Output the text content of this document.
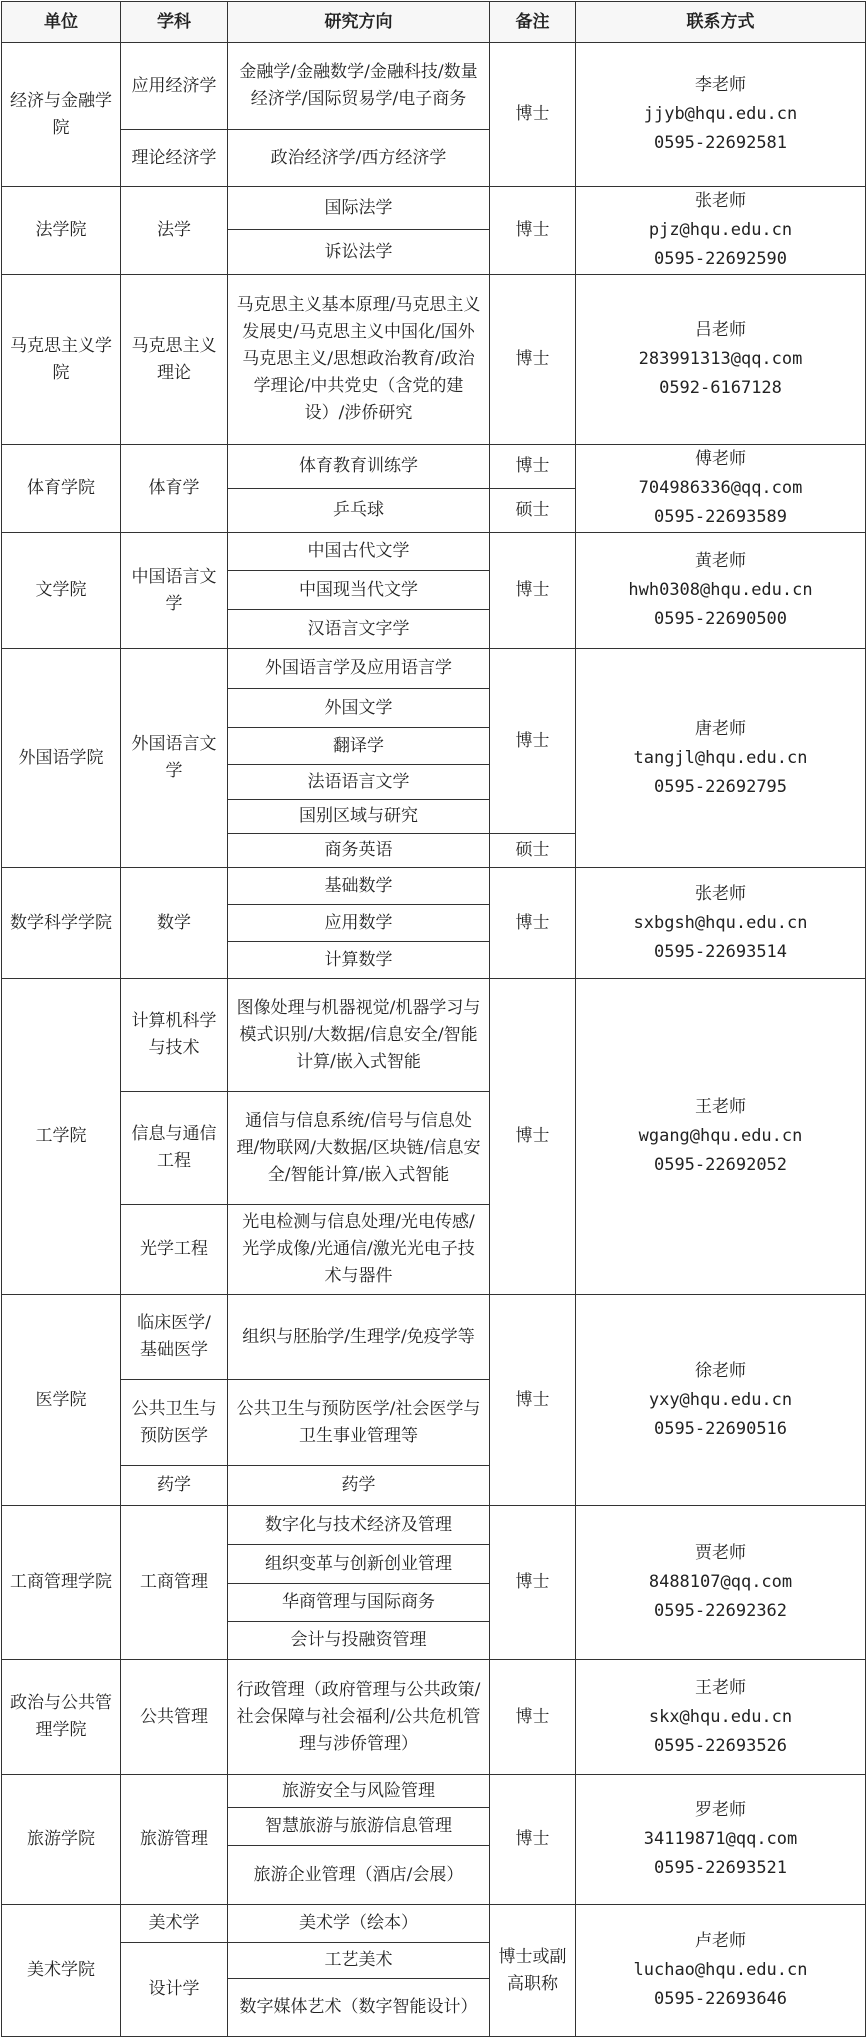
单位	学科	研究方向	备注	联系方式
经济与金融学院	应用经济学	金融学/金融数学/金融科技/数量经济学/国际贸易学/电子商务	博士	李老师
jjyb@hqu.edu.cn
0595-22692581

	理论经济学	政治经济学/西方经济学		
法学院	法学	国际法学	博士	张老师
pjz@hqu.edu.cn
0595-22692590

		诉讼法学		
马克思主义学院	马克思主义理论	马克思主义基本原理/马克思主义发展史/马克思主义中国化/国外马克思主义/思想政治教育/政治学理论/中共党史（含党的建设）/涉侨研究	博士	吕老师
283991313@qq.com
0592-6167128

体育学院	体育学	体育教育训练学	博士	傅老师
704986336@qq.com
0595-22693589

		乒乓球	硕士	
文学院	中国语言文学	中国古代文学	博士	黄老师
hwh0308@hqu.edu.cn
0595-22690500

		中国现当代文学		
		汉语言文字学		
外国语学院	外国语言文学	外国语言学及应用语言学	博士	唐老师
tangjl@hqu.edu.cn
0595-22692795

		外国文学		
		翻译学		
		法语语言文学		
		国别区域与研究		
		商务英语	硕士	
数学科学学院	数学	基础数学	博士	张老师
sxbgsh@hqu.edu.cn
0595-22693514

		应用数学		
		计算数学		
工学院	计算机科学与技术	图像处理与机器视觉/机器学习与模式识别/大数据/信息安全/智能计算/嵌入式智能	博士	王老师
wgang@hqu.edu.cn
0595-22692052

	信息与通信工程	通信与信息系统/信号与信息处理/物联网/大数据/区块链/信息安全/智能计算/嵌入式智能		
	光学工程	光电检测与信息处理/光电传感/光学成像/光通信/激光光电子技术与器件		
医学院	临床医学/基础医学	组织与胚胎学/生理学/免疫学等	博士	徐老师
yxy@hqu.edu.cn
0595-22690516

	公共卫生与预防医学	公共卫生与预防医学/社会医学与卫生事业管理等		
	药学	药学		
工商管理学院	工商管理	数字化与技术经济及管理	博士	贾老师
8488107@qq.com
0595-22692362

		组织变革与创新创业管理		
		华商管理与国际商务		
		会计与投融资管理		
政治与公共管理学院	公共管理	行政管理（政府管理与公共政策/社会保障与社会福利/公共危机管理与涉侨管理）	博士	王老师
skx@hqu.edu.cn
0595-22693526

旅游学院	旅游管理	旅游安全与风险管理	博士	罗老师
34119871@qq.com
0595-22693521

		智慧旅游与旅游信息管理		
		旅游企业管理（酒店/会展）		
美术学院	美术学	美术学（绘本）	博士或副高职称	卢老师
luchao@hqu.edu.cn
0595-22693646

	设计学	工艺美术		
		数字媒体艺术（数字智能设计）		
